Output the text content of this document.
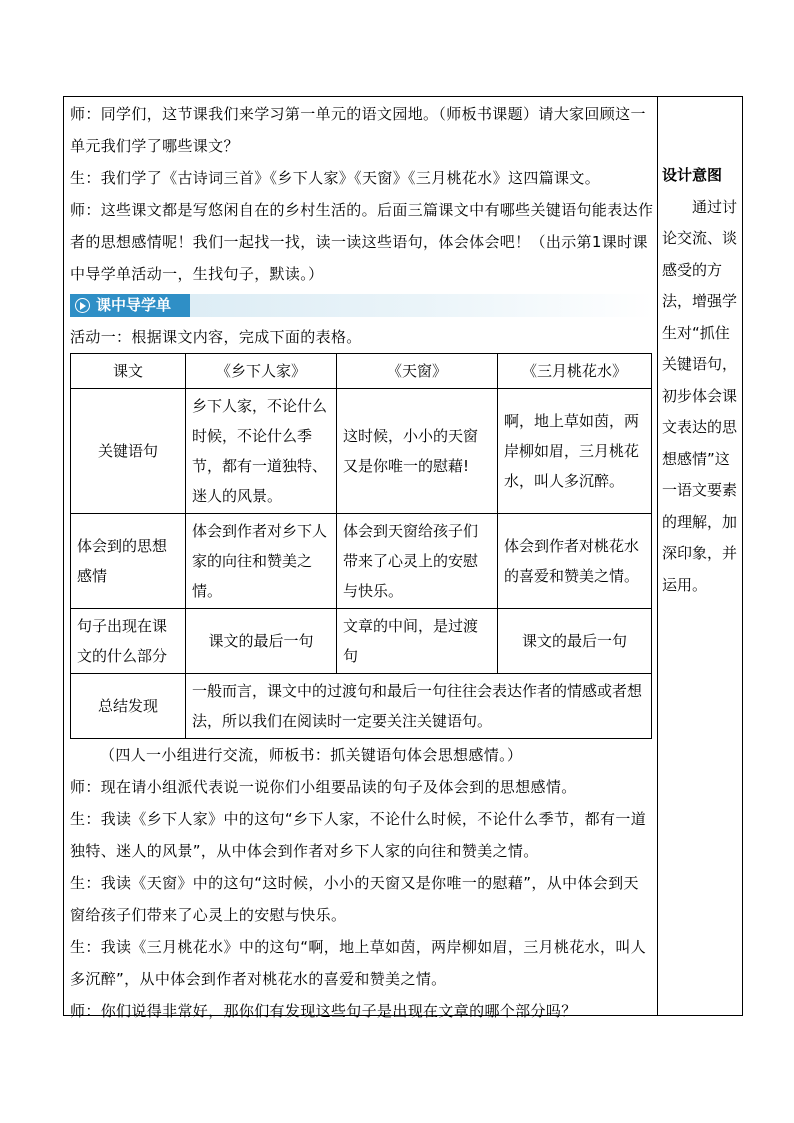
师：同学们，这节课我们来学习第一单元的语文园地。（师板书课题）请大家回顾这一单元我们学了哪些课文？

生：我们学了《古诗词三首》《乡下人家》《天窗》《三月桃花水》这四篇课文。

师：这些课文都是写悠闲自在的乡村生活的。后面三篇课文中有哪些关键语句能表达作者的思想感情呢！我们一起找一找，读一读这些语句，体会体会吧！（出示第1课时课中导学单活动一，生找句子，默读。）

课中导学单

活动一：根据课文内容，完成下面的表格。

课文	《乡下人家》	《天窗》	《三月桃花水》
关键语句	乡下人家，不论什么时候，不论什么季节，都有一道独特、迷人的风景。	这时候，小小的天窗又是你唯一的慰藉!	啊，地上草如茵，两岸柳如眉，三月桃花水，叫人多沉醉。
体会到的思想感情	体会到作者对乡下人家的向往和赞美之情。	体会到天窗给孩子们带来了心灵上的安慰与快乐。	体会到作者对桃花水的喜爱和赞美之情。
句子出现在课文的什么部分	课文的最后一句	文章的中间，是过渡句	课文的最后一句
总结发现	一般而言，课文中的过渡句和最后一句往往会表达作者的情感或者想法，所以我们在阅读时一定要关注关键语句。		

（四人一小组进行交流，师板书：抓关键语句体会思想感情。）

师：现在请小组派代表说一说你们小组要品读的句子及体会到的思想感情。

生：我读《乡下人家》中的这句“乡下人家，不论什么时候，不论什么季节，都有一道独特、迷人的风景”，从中体会到作者对乡下人家的向往和赞美之情。

生：我读《天窗》中的这句“这时候，小小的天窗又是你唯一的慰藉”，从中体会到天窗给孩子们带来了心灵上的安慰与快乐。

生：我读《三月桃花水》中的这句“啊，地上草如茵，两岸柳如眉，三月桃花水，叫人多沉醉”，从中体会到作者对桃花水的喜爱和赞美之情。

师：你们说得非常好，那你们有发现这些句子是出现在文章的哪个部分吗？

设计意图
通过讨论交流、谈感受的方法，增强学生对“抓住关键语句，初步体会课文表达的思想感情”这一语文要素的理解，加深印象，并运用。
